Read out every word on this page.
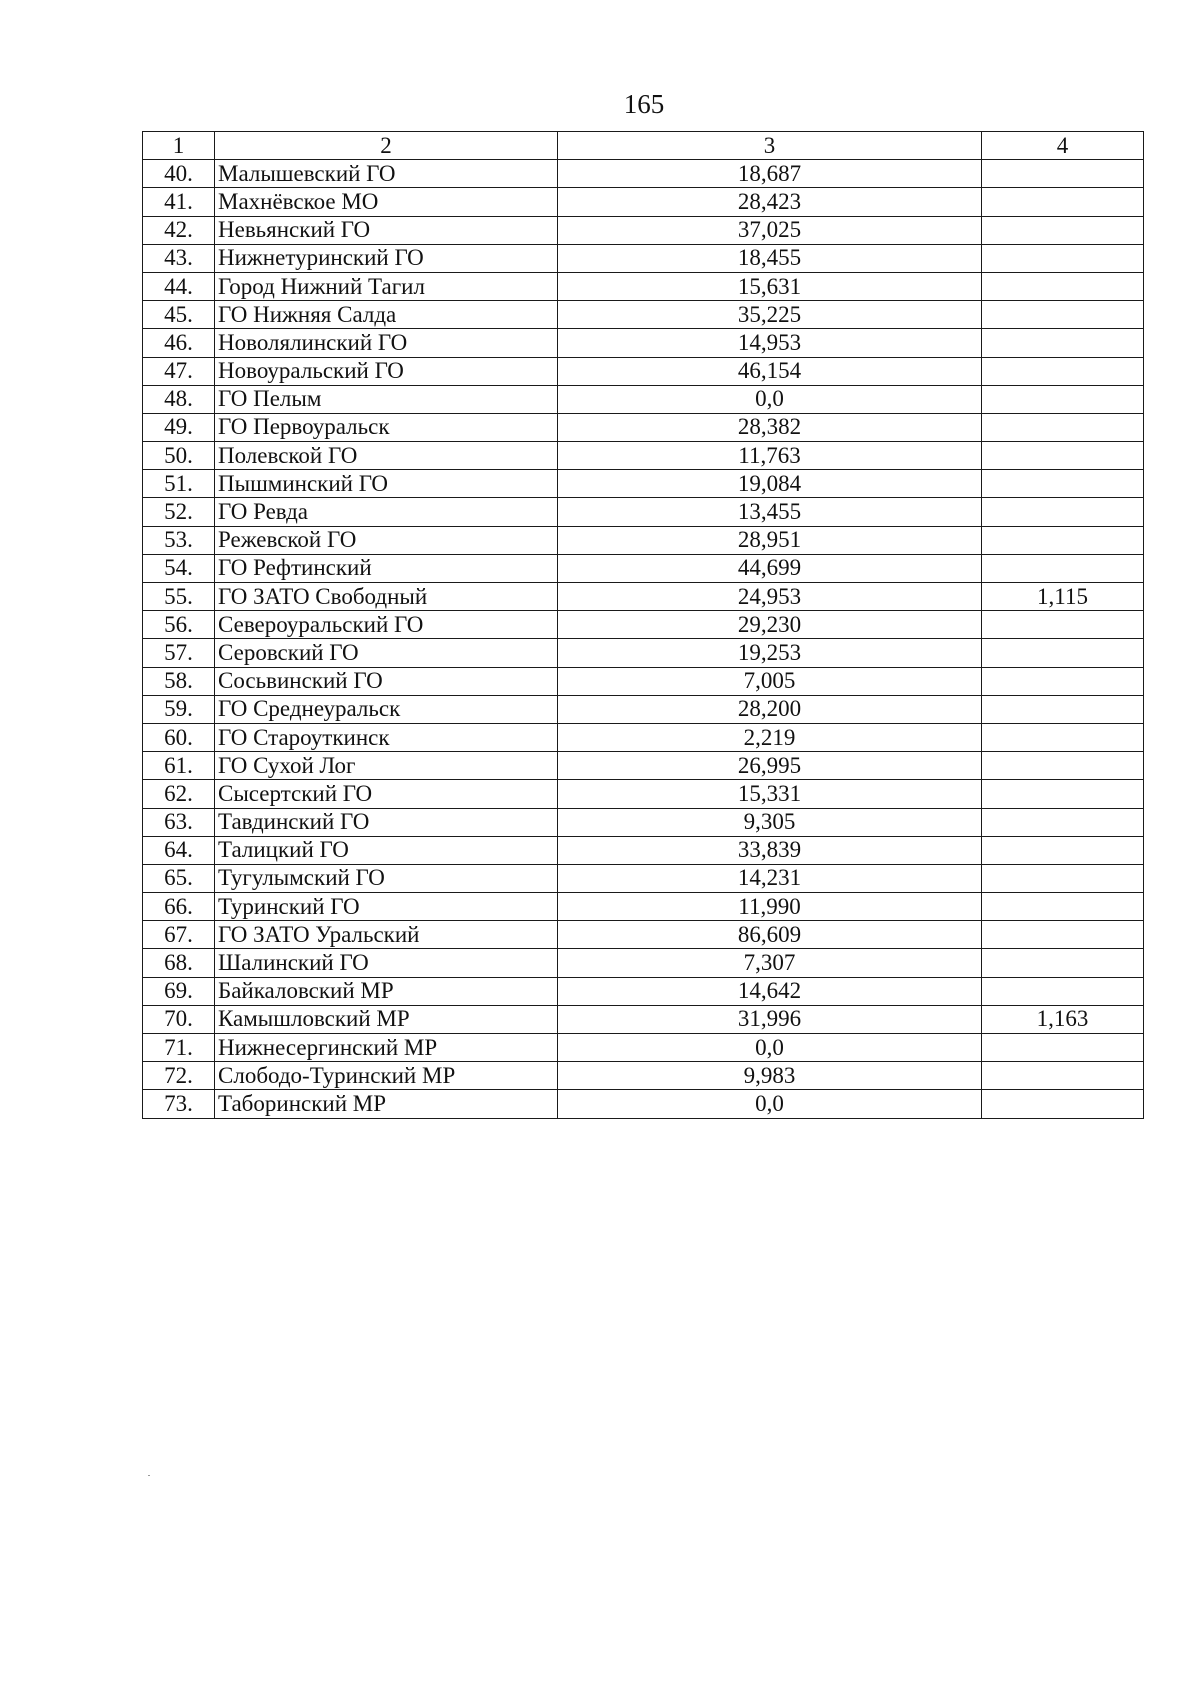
165
1	2	3	4
40.	Малышевский ГО	18,687	
41.	Махнёвское МО	28,423	
42.	Невьянский ГО	37,025	
43.	Нижнетуринский ГО	18,455	
44.	Город Нижний Тагил	15,631	
45.	ГО Нижняя Салда	35,225	
46.	Новолялинский ГО	14,953	
47.	Новоуральский ГО	46,154	
48.	ГО Пелым	0,0	
49.	ГО Первоуральск	28,382	
50.	Полевской ГО	11,763	
51.	Пышминский ГО	19,084	
52.	ГО Ревда	13,455	
53.	Режевской ГО	28,951	
54.	ГО Рефтинский	44,699	
55.	ГО ЗАТО Свободный	24,953	1,115
56.	Североуральский ГО	29,230	
57.	Серовский ГО	19,253	
58.	Сосьвинский ГО	7,005	
59.	ГО Среднеуральск	28,200	
60.	ГО Староуткинск	2,219	
61.	ГО Сухой Лог	26,995	
62.	Сысертский ГО	15,331	
63.	Тавдинский ГО	9,305	
64.	Талицкий ГО	33,839	
65.	Тугулымский ГО	14,231	
66.	Туринский ГО	11,990	
67.	ГО ЗАТО Уральский	86,609	
68.	Шалинский ГО	7,307	
69.	Байкаловский МР	14,642	
70.	Камышловский МР	31,996	1,163
71.	Нижнесергинский МР	0,0	
72.	Слободо-Туринский МР	9,983	
73.	Таборинский МР	0,0	
